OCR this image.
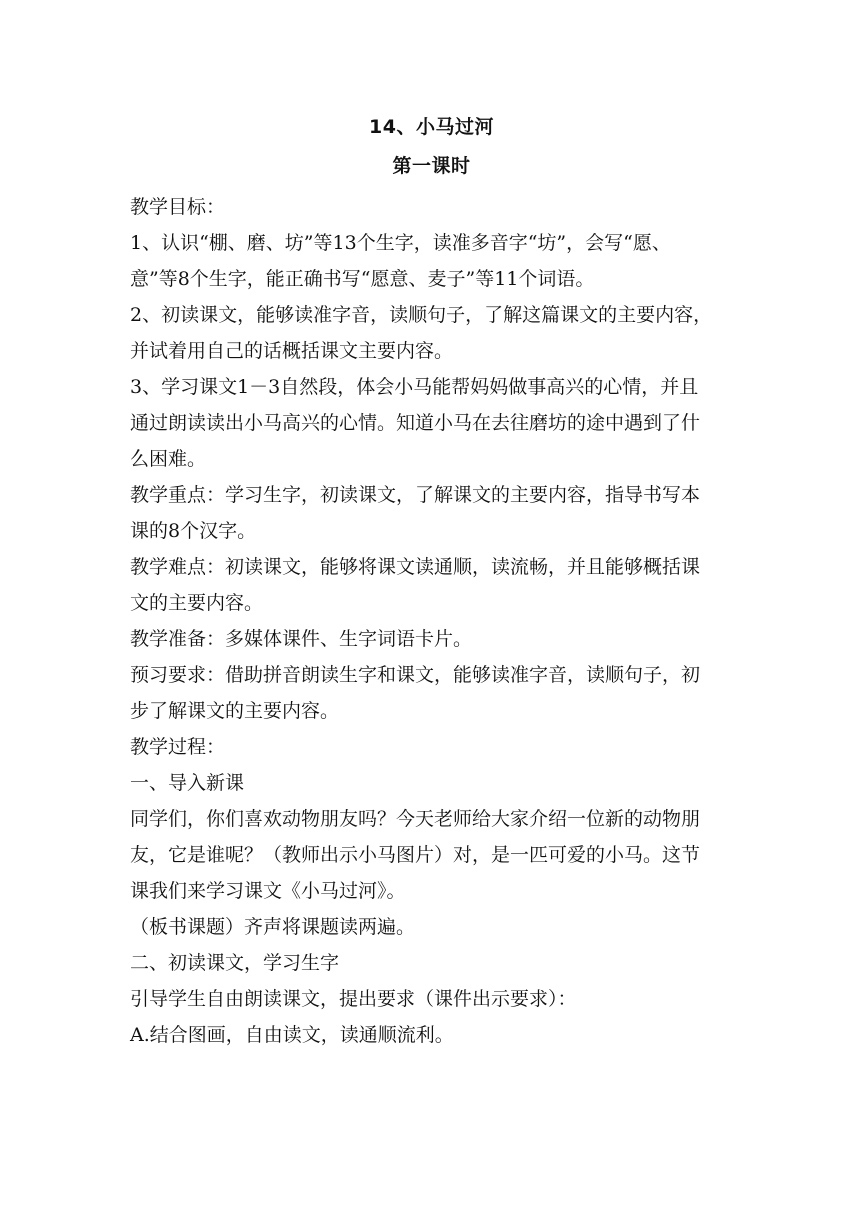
14、小马过河
第一课时

教学目标：

1、认识“棚、磨、坊”等13个生字，读准多音字“坊”，会写“愿、
意”等8个生字，能正确书写“愿意、麦子”等11个词语。

2、初读课文，能够读准字音，读顺句子，了解这篇课文的主要内容，
并试着用自己的话概括课文主要内容。

3、学习课文1－3自然段，体会小马能帮妈妈做事高兴的心情，并且
通过朗读读出小马高兴的心情。知道小马在去往磨坊的途中遇到了什
么困难。

教学重点：学习生字，初读课文，了解课文的主要内容，指导书写本
课的8个汉字。

教学难点：初读课文，能够将课文读通顺，读流畅，并且能够概括课
文的主要内容。

教学准备：多媒体课件、生字词语卡片。

预习要求：借助拼音朗读生字和课文，能够读准字音，读顺句子，初
步了解课文的主要内容。

教学过程：

一、导入新课

同学们，你们喜欢动物朋友吗？今天老师给大家介绍一位新的动物朋
友，它是谁呢？（教师出示小马图片）对，是一匹可爱的小马。这节
课我们来学习课文《小马过河》。

（板书课题）齐声将课题读两遍。

二、初读课文，学习生字

引导学生自由朗读课文，提出要求（课件出示要求）：

A.结合图画，自由读文，读通顺流利。
